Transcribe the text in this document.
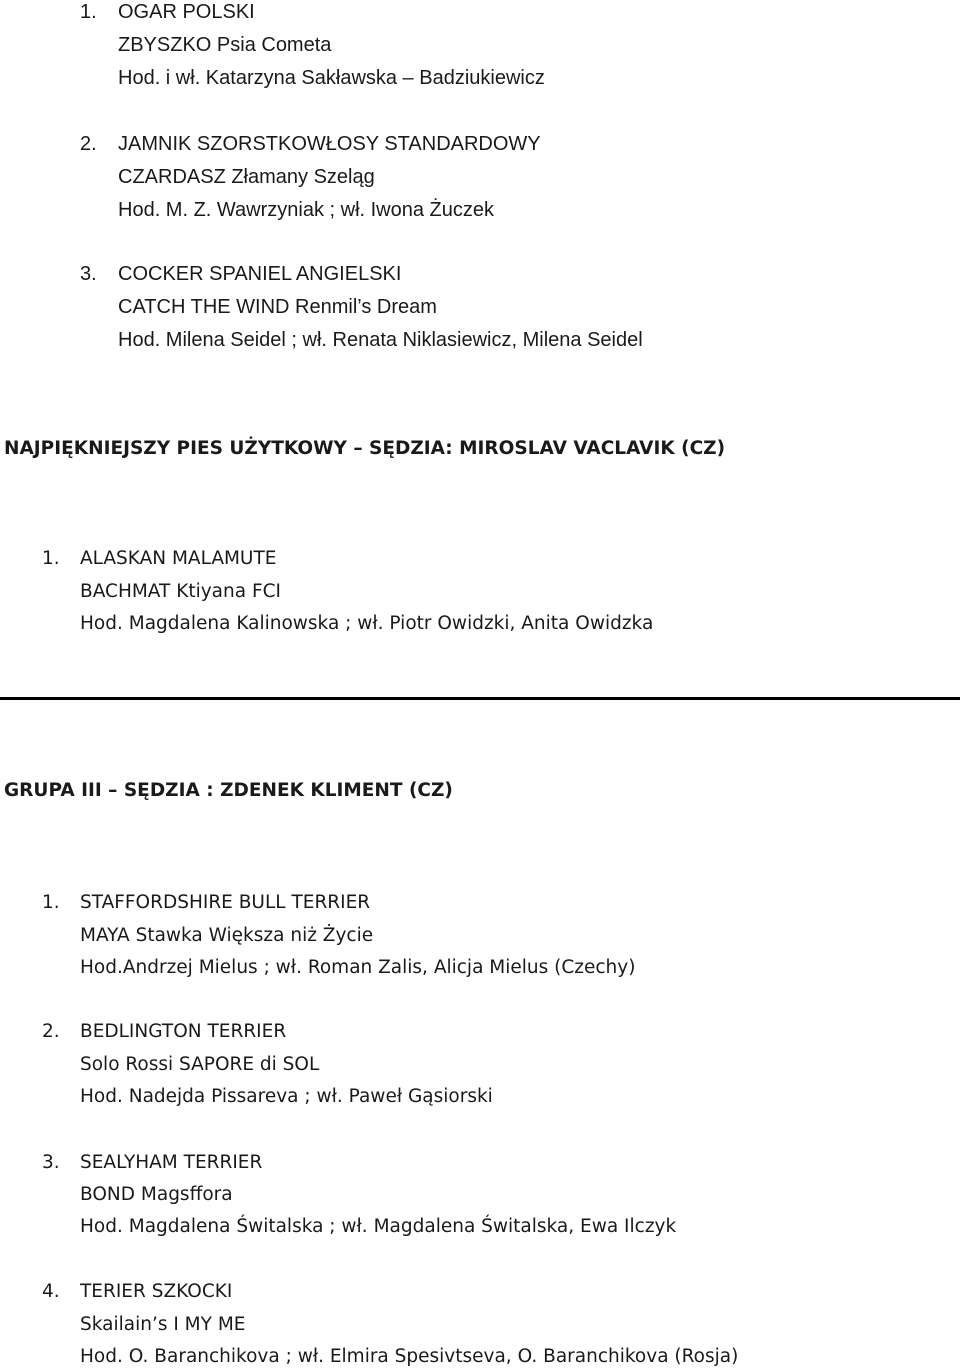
1. OGAR POLSKI
ZBYSZKO Psia Cometa
Hod. i wł. Katarzyna Sakławska – Badziukiewicz
2. JAMNIK SZORSTKOWŁOSY STANDARDOWY
CZARDASZ Złamany Szeląg
Hod. M. Z. Wawrzyniak ; wł. Iwona Żuczek
3. COCKER SPANIEL ANGIELSKI
CATCH THE WIND Renmil’s Dream
Hod. Milena Seidel ; wł. Renata Niklasiewicz, Milena Seidel
NAJPIĘKNIEJSZY PIES UŻYTKOWY – SĘDZIA: MIROSLAV VACLAVIK (CZ)
1. ALASKAN MALAMUTE
BACHMAT Ktiyana FCI
Hod. Magdalena Kalinowska ; wł. Piotr Owidzki, Anita Owidzka
GRUPA III – SĘDZIA : ZDENEK KLIMENT (CZ)
1. STAFFORDSHIRE BULL TERRIER
MAYA Stawka Większa niż Życie
Hod.Andrzej Mielus ; wł. Roman Zalis, Alicja Mielus (Czechy)
2. BEDLINGTON TERRIER
Solo Rossi SAPORE di SOL
Hod. Nadejda Pissareva ; wł. Paweł Gąsiorski
3. SEALYHAM TERRIER
BOND Magsffora
Hod. Magdalena Świtalska ; wł. Magdalena Świtalska, Ewa Ilczyk
4. TERIER SZKOCKI
Skailain’s I MY ME
Hod. O. Baranchikova ; wł. Elmira Spesivtseva, O. Baranchikova (Rosja)
